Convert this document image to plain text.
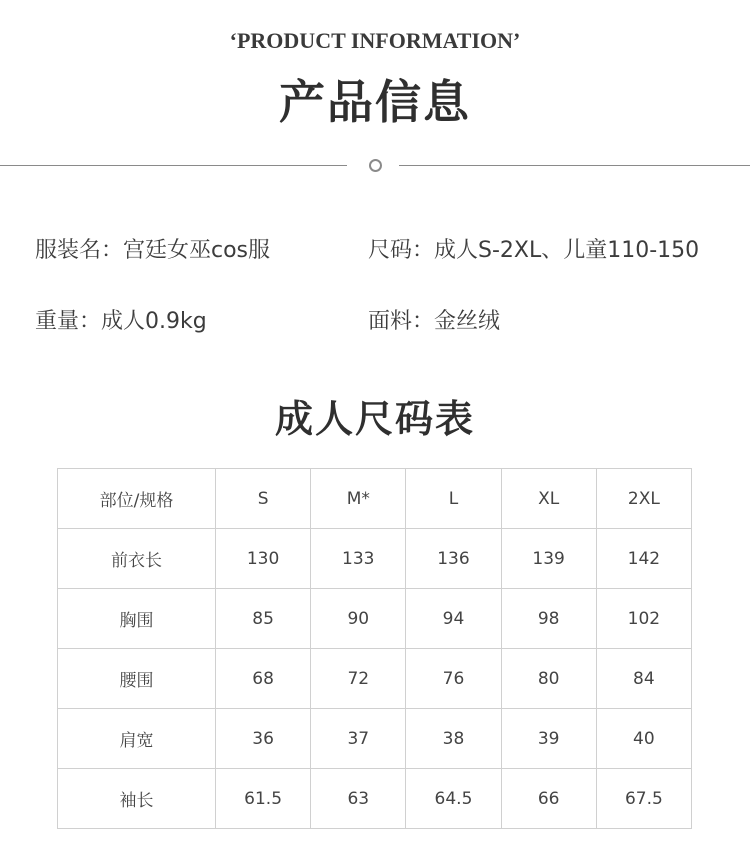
‘PRODUCT INFORMATION’
产品信息
服装名：宫廷女巫cos服	尺码：成人S-2XL、儿童110-150
重量：成人0.9kg	面料：金丝绒
成人尺码表
部位/规格	S	M*	L	XL	2XL
前衣长	130	133	136	139	142
胸围	85	90	94	98	102
腰围	68	72	76	80	84
肩宽	36	37	38	39	40
袖长	61.5	63	64.5	66	67.5
